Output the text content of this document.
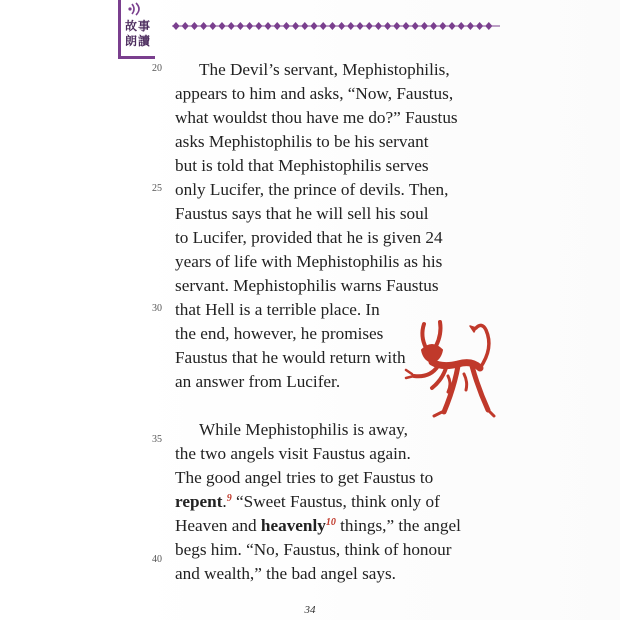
故事
朗讀
20
25
30
35
40
The Devil’s servant, Mephistophilis,
appears to him and asks, “Now, Faustus,
what wouldst thou have me do?” Faustus
asks Mephistophilis to be his servant
but is told that Mephistophilis serves
only Lucifer, the prince of devils. Then,
Faustus says that he will sell his soul
to Lucifer, provided that he is given 24
years of life with Mephistophilis as his
servant. Mephistophilis warns Faustus
that Hell is a terrible place. In
the end, however, he promises
Faustus that he would return with
an answer from Lucifer.
While Mephistophilis is away,
the two angels visit Faustus again.
The good angel tries to get Faustus to
repent.$^9$ “Sweet Faustus, think only of
Heaven and heavenly$^{10}$ things,” the angel
begs him. “No, Faustus, think of honour
and wealth,” the bad angel says.
34
